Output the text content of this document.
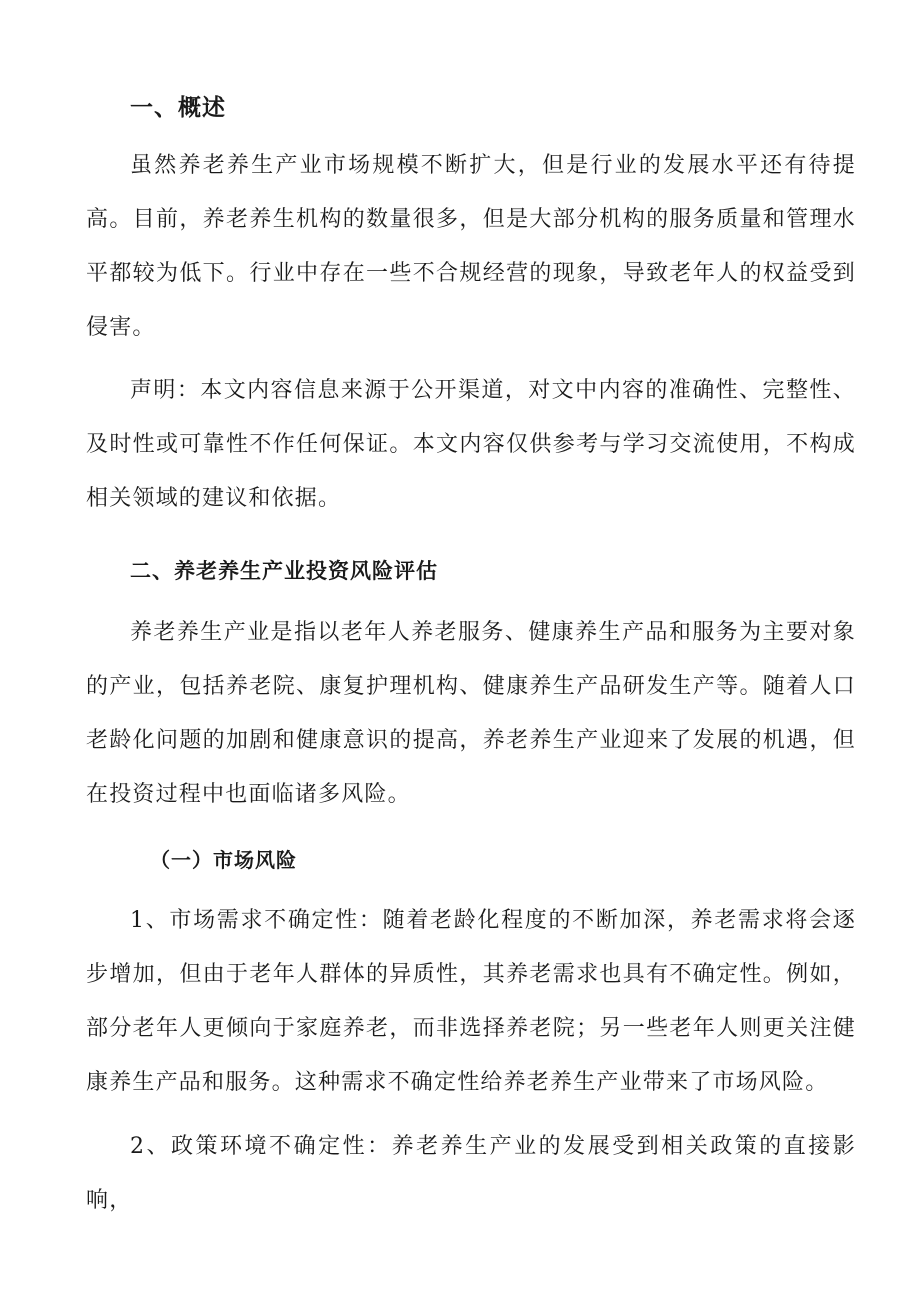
一、概述

虽然养老养生产业市场规模不断扩大，但是行业的发展水平还有待提高。目前，养老养生机构的数量很多，但是大部分机构的服务质量和管理水平都较为低下。行业中存在一些不合规经营的现象，导致老年人的权益受到侵害。

声明：本文内容信息来源于公开渠道，对文中内容的准确性、完整性、及时性或可靠性不作任何保证。本文内容仅供参考与学习交流使用，不构成相关领域的建议和依据。

二、养老养生产业投资风险评估

养老养生产业是指以老年人养老服务、健康养生产品和服务为主要对象的产业，包括养老院、康复护理机构、健康养生产品研发生产等。随着人口老龄化问题的加剧和健康意识的提高，养老养生产业迎来了发展的机遇，但在投资过程中也面临诸多风险。

（一）市场风险

1、市场需求不确定性：随着老龄化程度的不断加深，养老需求将会逐步增加，但由于老年人群体的异质性，其养老需求也具有不确定性。例如，部分老年人更倾向于家庭养老，而非选择养老院；另一些老年人则更关注健康养生产品和服务。这种需求不确定性给养老养生产业带来了市场风险。

2、政策环境不确定性：养老养生产业的发展受到相关政策的直接影响，
